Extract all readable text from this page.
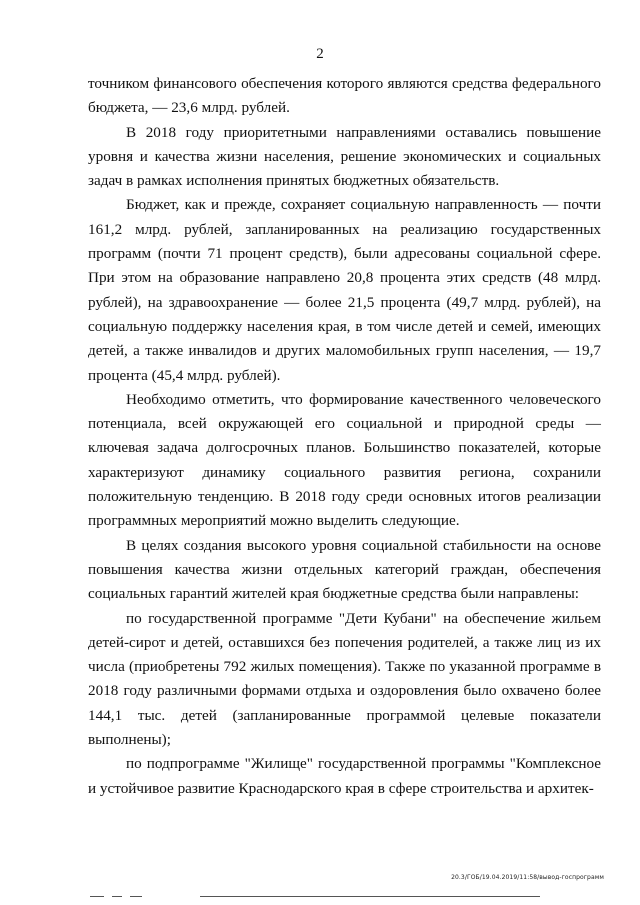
2

точником финансового обеспечения которого являются средства федерального бюджета, — 23,6 млрд. рублей.

В 2018 году приоритетными направлениями оставались повышение уровня и качества жизни населения, решение экономических и социальных задач в рамках исполнения принятых бюджетных обязательств.

Бюджет, как и прежде, сохраняет социальную направленность — почти 161,2 млрд. рублей, запланированных на реализацию государственных программ (почти 71 процент средств), были адресованы социальной сфере. При этом на образование направлено 20,8 процента этих средств (48 млрд. рублей), на здравоохранение — более 21,5 процента (49,7 млрд. рублей), на социальную поддержку населения края, в том числе детей и семей, имеющих детей, а также инвалидов и других маломобильных групп населения, — 19,7 процента (45,4 млрд. рублей).

Необходимо отметить, что формирование качественного человеческого потенциала, всей окружающей его социальной и природной среды — ключевая задача долгосрочных планов. Большинство показателей, которые характеризуют динамику социального развития региона, сохранили положительную тенденцию. В 2018 году среди основных итогов реализации программных мероприятий можно выделить следующие.

В целях создания высокого уровня социальной стабильности на основе повышения качества жизни отдельных категорий граждан, обеспечения социальных гарантий жителей края бюджетные средства были направлены:

по государственной программе "Дети Кубани" на обеспечение жильем детей-сирот и детей, оставшихся без попечения родителей, а также лиц из их числа (приобретены 792 жилых помещения). Также по указанной программе в 2018 году различными формами отдыха и оздоровления было охвачено более 144,1 тыс. детей (запланированные программой целевые показатели выполнены);

по подпрограмме "Жилище" государственной программы "Комплексное и устойчивое развитие Краснодарского края в сфере строительства и архитек-

20.3/ГОБ/19.04.2019/11:58/вывод-госпрограмм
